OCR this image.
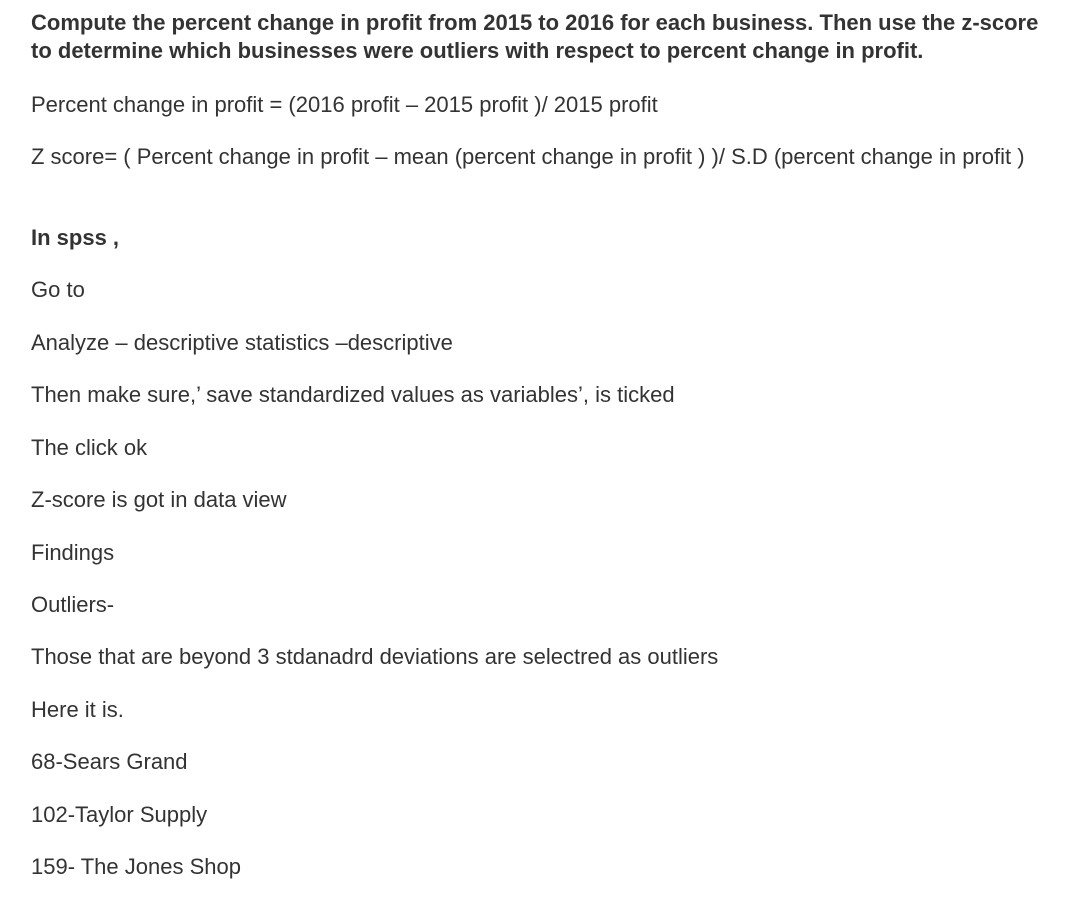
Compute the percent change in profit from 2015 to 2016 for each business. Then use the z-score to determine which businesses were outliers with respect to percent change in profit.

Percent change in profit = (2016 profit – 2015 profit )/ 2015 profit

Z score= ( Percent change in profit – mean (percent change in profit ) )/ S.D (percent change in profit )

In spss ,

Go to

Analyze – descriptive statistics –descriptive

Then make sure,’ save standardized values as variables’, is ticked

The click ok

Z-score is got in data view

Findings

Outliers-

Those that are beyond 3 stdanadrd deviations are selectred as outliers

Here it is.

68-Sears Grand

102-Taylor Supply

159- The Jones Shop
